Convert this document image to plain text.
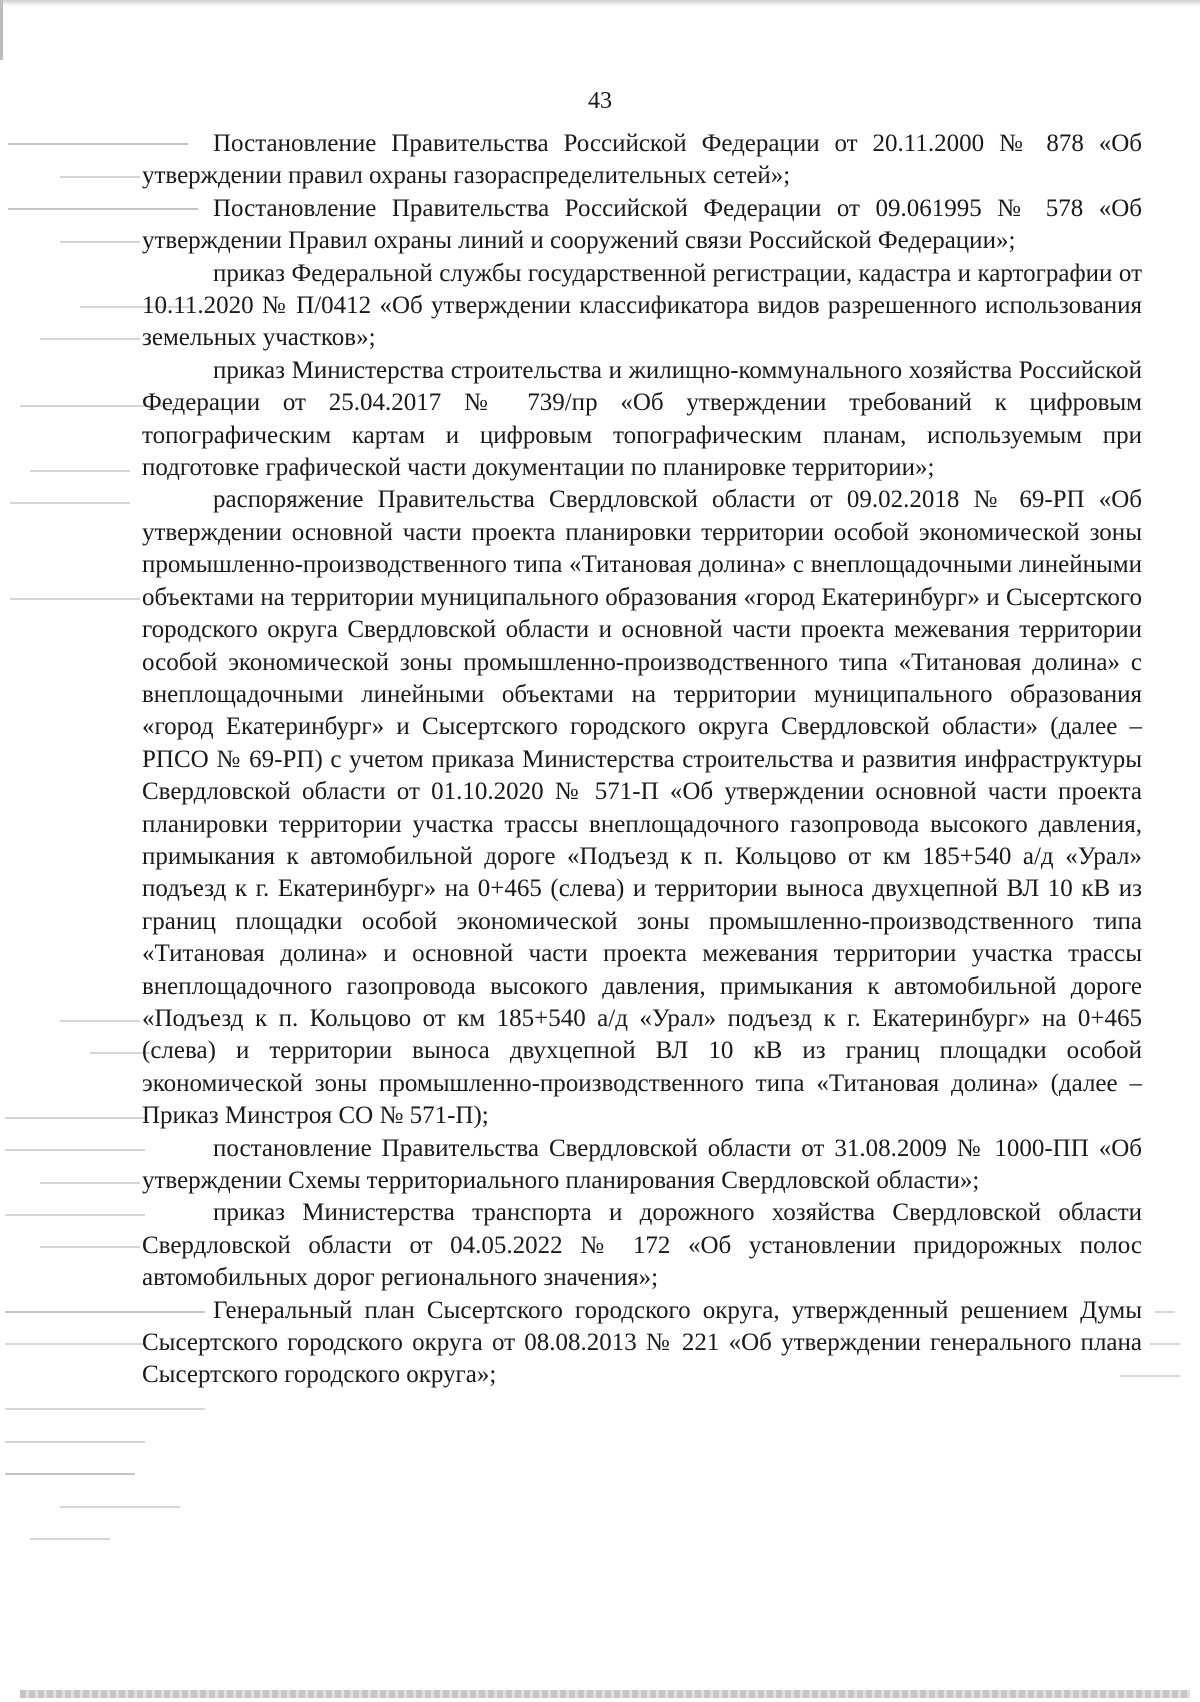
43

Постановление Правительства Российской Федерации от 20.11.2000 № 878 «Об утверждении правил охраны газораспределительных сетей»;

Постановление Правительства Российской Федерации от 09.061995 № 578 «Об утверждении Правил охраны линий и сооружений связи Российской Федерации»;

приказ Федеральной службы государственной регистрации, кадастра и картографии от 10.11.2020 № П/0412 «Об утверждении классификатора видов разрешенного использования земельных участков»;

приказ Министерства строительства и жилищно-коммунального хозяйства Российской Федерации от 25.04.2017 № 739/пр «Об утверждении требований к цифровым топографическим картам и цифровым топографическим планам, используемым при подготовке графической части документации по планировке территории»;

распоряжение Правительства Свердловской области от 09.02.2018 № 69-РП «Об утверждении основной части проекта планировки территории особой экономической зоны промышленно-производственного типа «Титановая долина» с внеплощадочными линейными объектами на территории муниципального образования «город Екатеринбург» и Сысертского городского округа Свердловской области и основной части проекта межевания территории особой экономической зоны промышленно-производственного типа «Титановая долина» с внеплощадочными линейными объектами на территории муниципального образования «город Екатеринбург» и Сысертского городского округа Свердловской области» (далее – РПСО № 69-РП) с учетом приказа Министерства строительства и развития инфраструктуры Свердловской области от 01.10.2020 № 571-П «Об утверждении основной части проекта планировки территории участка трассы внеплощадочного газопровода высокого давления, примыкания к автомобильной дороге «Подъезд к п. Кольцово от км 185+540 а/д «Урал» подъезд к г. Екатеринбург» на 0+465 (слева) и территории выноса двухцепной ВЛ 10 кВ из границ площадки особой экономической зоны промышленно-производственного типа «Титановая долина» и основной части проекта межевания территории участка трассы внеплощадочного газопровода высокого давления, примыкания к автомобильной дороге «Подъезд к п. Кольцово от км 185+540 а/д «Урал» подъезд к г. Екатеринбург» на 0+465 (слева) и территории выноса двухцепной ВЛ 10 кВ из границ площадки особой экономической зоны промышленно-производственного типа «Титановая долина» (далее – Приказ Минстроя СО № 571-П);

постановление Правительства Свердловской области от 31.08.2009 № 1000-ПП «Об утверждении Схемы территориального планирования Свердловской области»;

приказ Министерства транспорта и дорожного хозяйства Свердловской области Свердловской области от 04.05.2022 № 172 «Об установлении придорожных полос автомобильных дорог регионального значения»;

Генеральный план Сысертского городского округа, утвержденный решением Думы Сысертского городского округа от 08.08.2013 № 221 «Об утверждении генерального плана Сысертского городского округа»;
